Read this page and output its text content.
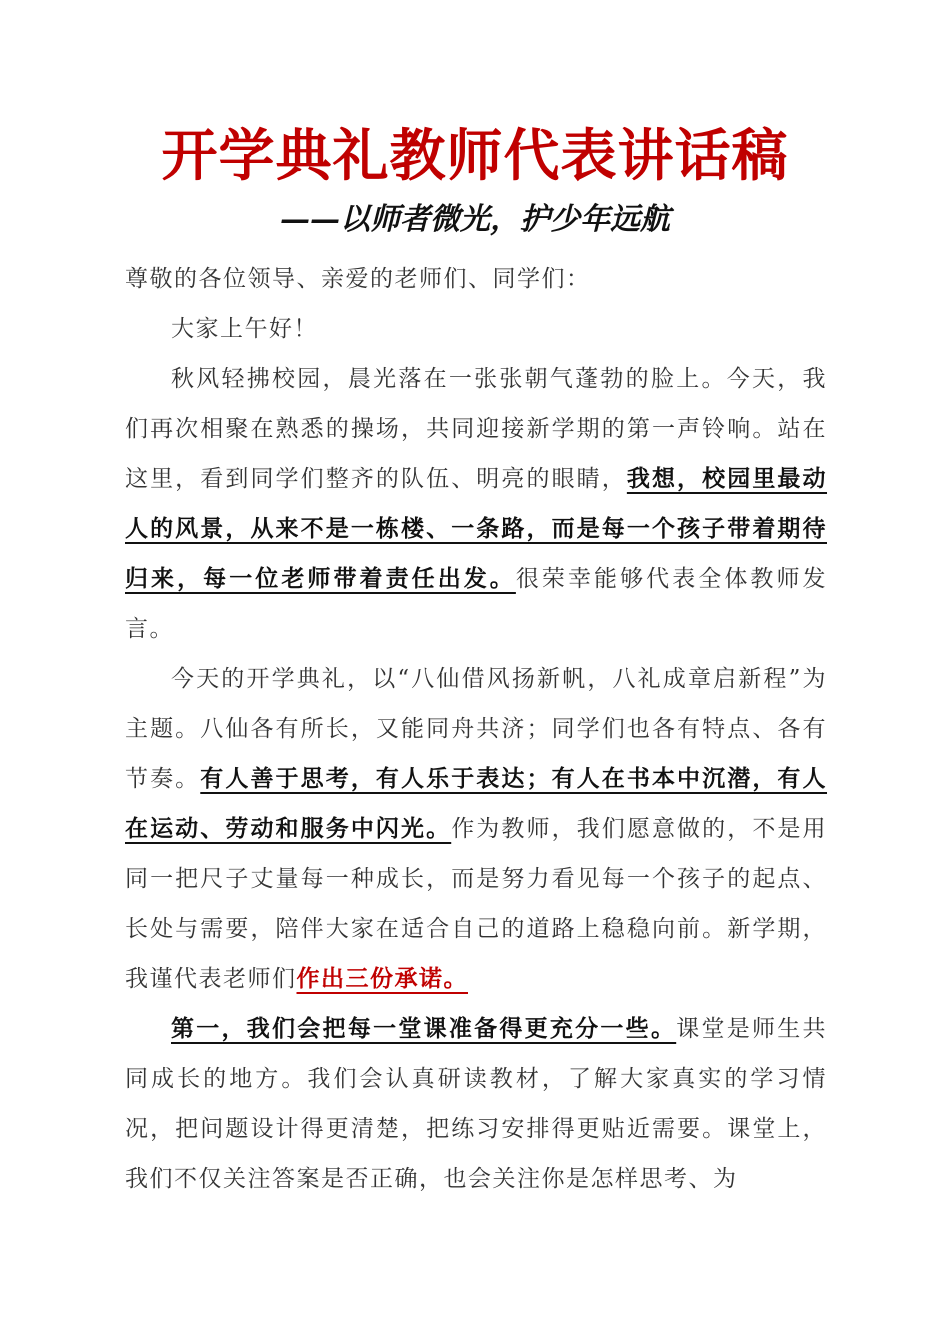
开学典礼教师代表讲话稿
——以师者微光，护少年远航

尊敬的各位领导、亲爱的老师们、同学们：

大家上午好！

秋风轻拂校园，晨光落在一张张朝气蓬勃的脸上。今天，我们再次相聚在熟悉的操场，共同迎接新学期的第一声铃响。站在这里，看到同学们整齐的队伍、明亮的眼睛，我想，校园里最动人的风景，从来不是一栋楼、一条路，而是每一个孩子带着期待归来，每一位老师带着责任出发。很荣幸能够代表全体教师发言。

今天的开学典礼，以“八仙借风扬新帆，八礼成章启新程”为主题。八仙各有所长，又能同舟共济；同学们也各有特点、各有节奏。有人善于思考，有人乐于表达；有人在书本中沉潜，有人在运动、劳动和服务中闪光。作为教师，我们愿意做的，不是用同一把尺子丈量每一种成长，而是努力看见每一个孩子的起点、长处与需要，陪伴大家在适合自己的道路上稳稳向前。新学期，我谨代表老师们作出三份承诺。

第一，我们会把每一堂课准备得更充分一些。课堂是师生共同成长的地方。我们会认真研读教材，了解大家真实的学习情况，把问题设计得更清楚，把练习安排得更贴近需要。课堂上，我们不仅关注答案是否正确，也会关注你是怎样思考、为
